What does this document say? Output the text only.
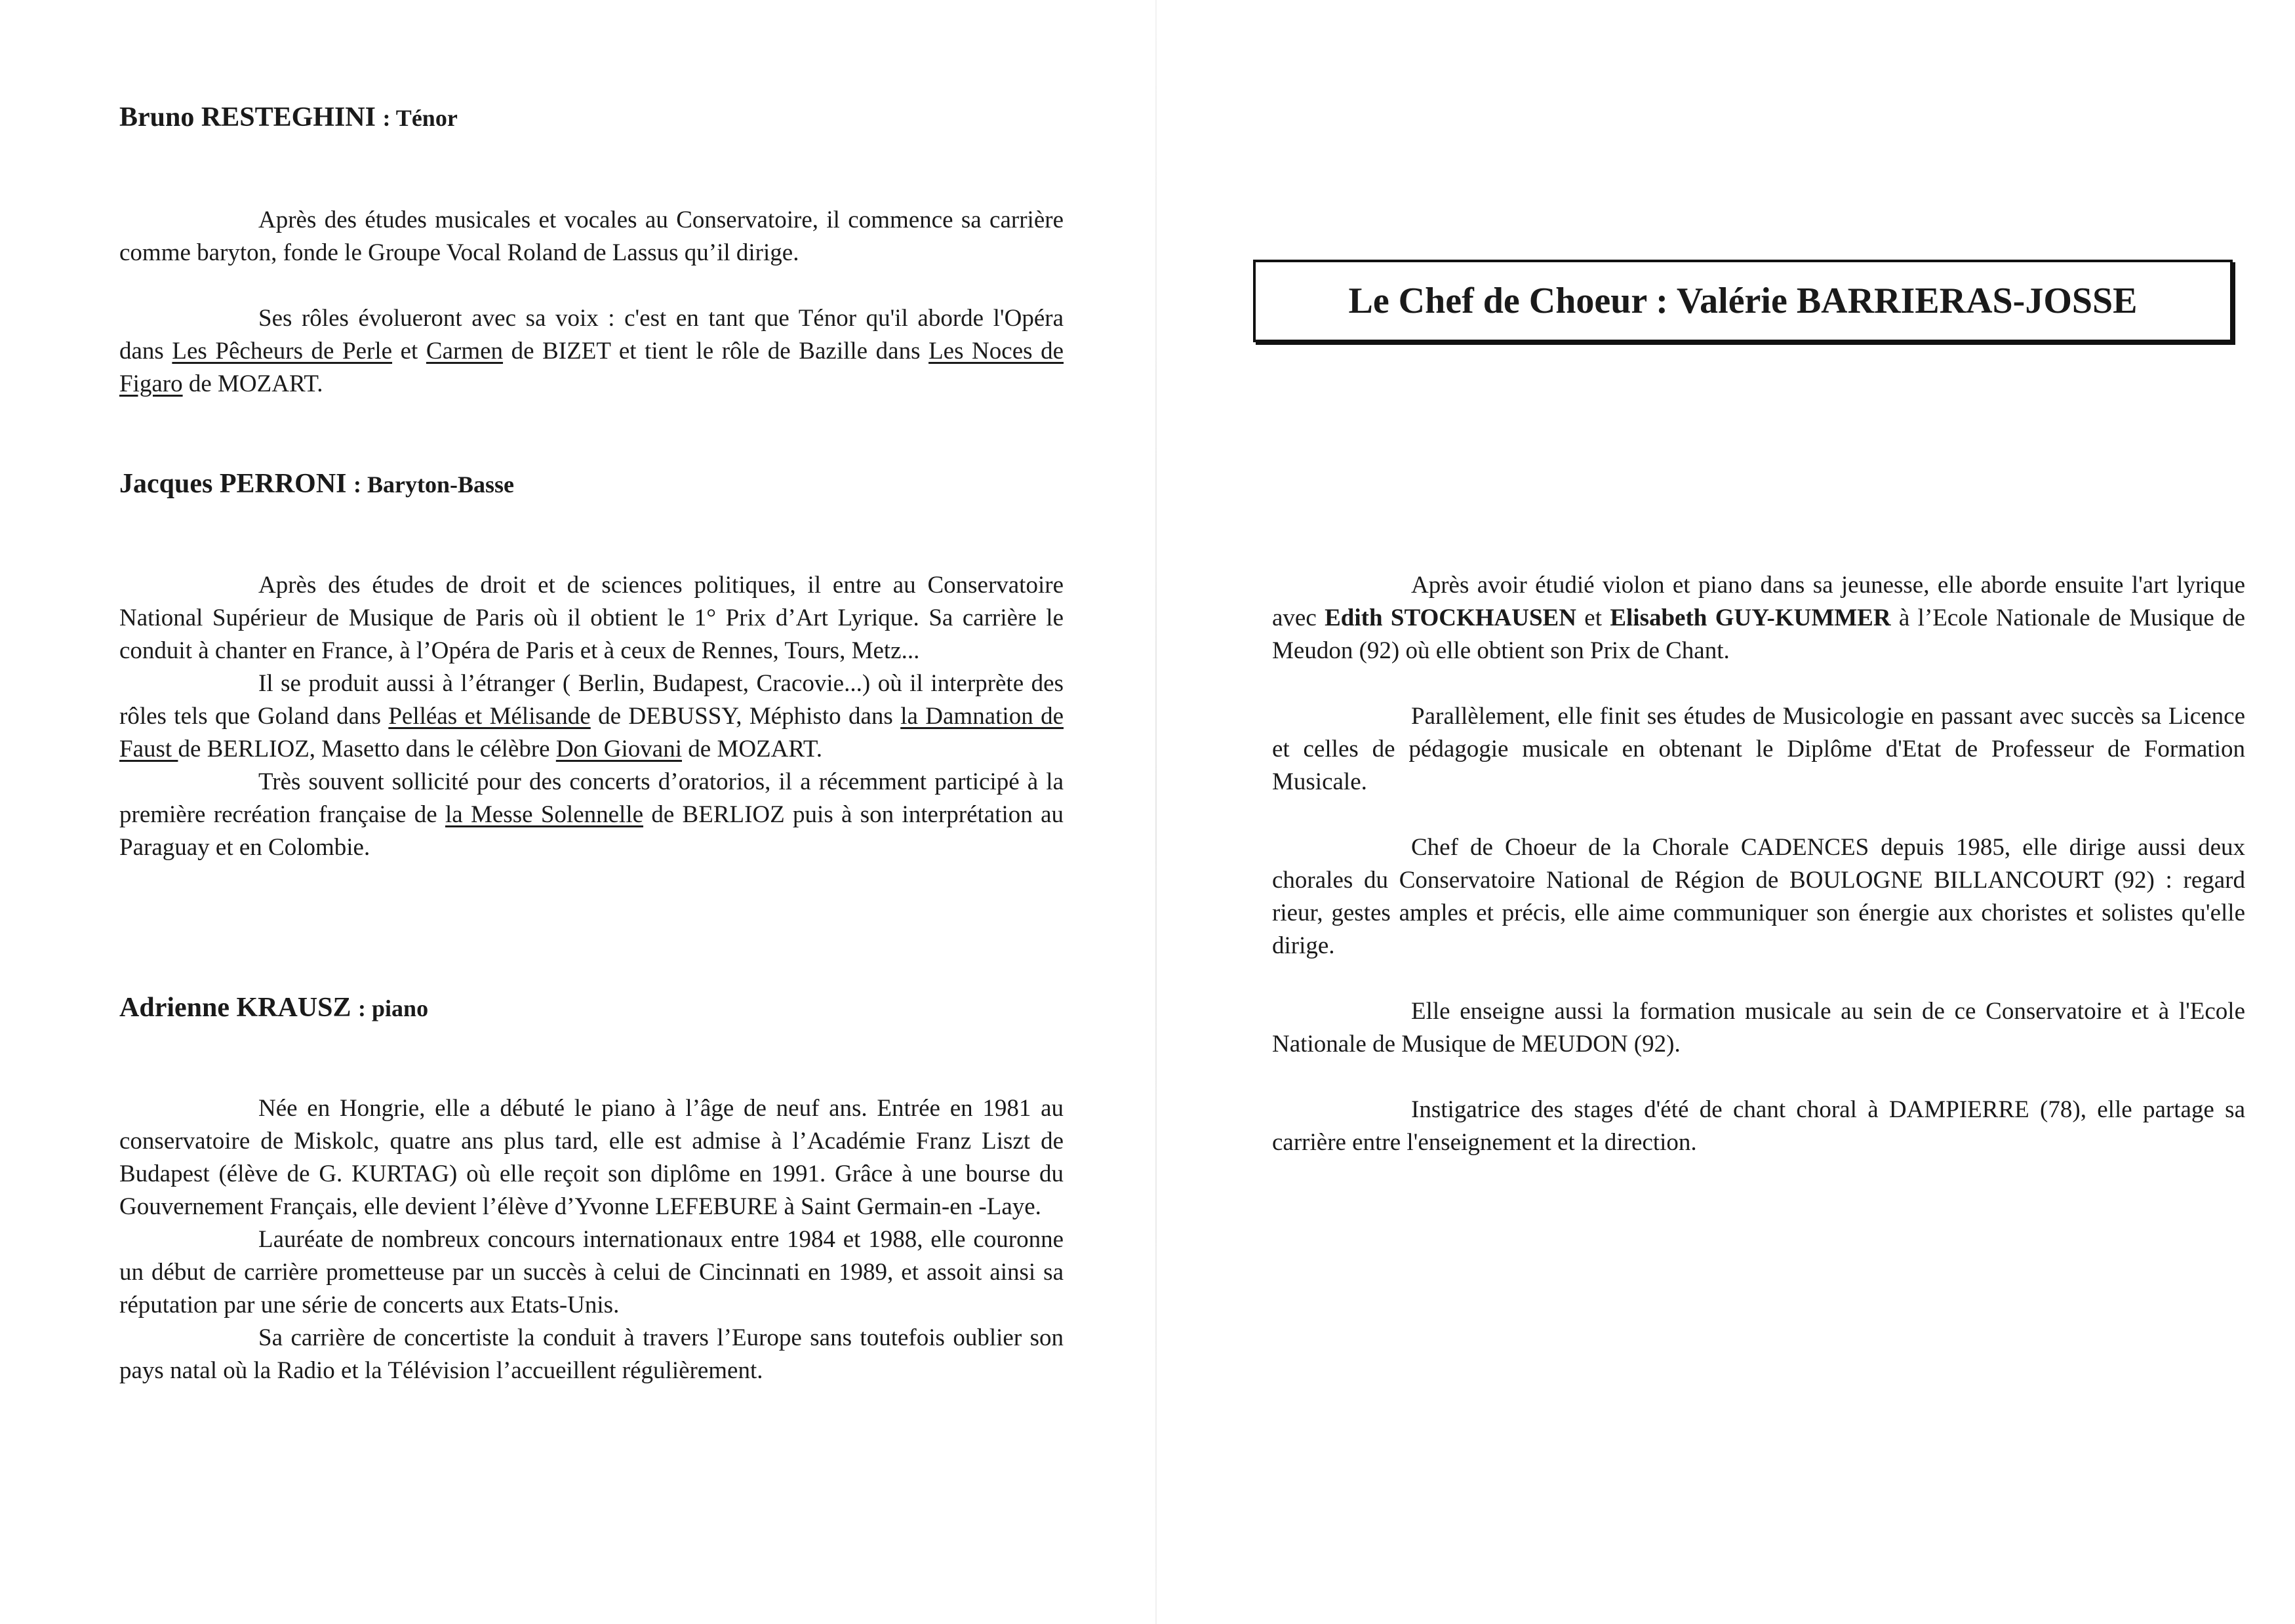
Bruno RESTEGHINI : Ténor

Après des études musicales et vocales au Conservatoire, il commence sa carrière comme baryton, fonde le Groupe Vocal Roland de Lassus qu’il dirige.

Ses rôles évolueront avec sa voix : c'est en tant que Ténor qu'il aborde l'Opéra dans Les Pêcheurs de Perle et Carmen de BIZET et tient le rôle de Bazille dans Les Noces de Figaro de MOZART.

Jacques PERRONI : Baryton-Basse

Après des études de droit et de sciences politiques, il entre au Conservatoire National Supérieur de Musique de Paris où il obtient le 1° Prix d’Art Lyrique. Sa carrière le conduit à chanter en France, à l’Opéra de Paris et à ceux de Rennes, Tours, Metz...

Il se produit aussi à l’étranger ( Berlin, Budapest, Cracovie...) où il interprète des rôles tels que Goland dans Pelléas et Mélisande de DEBUSSY, Méphisto dans la Damnation de Faust de BERLIOZ, Masetto dans le célèbre Don Giovani de MOZART.

Très souvent sollicité pour des concerts d’oratorios, il a récemment participé à la première recréation française de la Messe Solennelle de BERLIOZ puis à son interprétation au Paraguay et en Colombie.

Adrienne KRAUSZ : piano

Née en Hongrie, elle a débuté le piano à l’âge de neuf ans. Entrée en 1981 au conservatoire de Miskolc, quatre ans plus tard, elle est admise à l’Académie Franz Liszt de Budapest (élève de G. KURTAG) où elle reçoit son diplôme en 1991. Grâce à une bourse du Gouvernement Français, elle devient l’élève d’Yvonne LEFEBURE à Saint Germain-en -Laye.

Lauréate de nombreux concours internationaux entre 1984 et 1988, elle couronne un début de carrière prometteuse par un succès à celui de Cincinnati en 1989, et assoit ainsi sa réputation par une série de concerts aux Etats-Unis.

Sa carrière de concertiste la conduit à travers l’Europe sans toutefois oublier son pays natal où la Radio et la Télévision l’accueillent régulièrement.

Le Chef de Choeur : Valérie BARRIERAS-JOSSE

Après avoir étudié violon et piano dans sa jeunesse, elle aborde ensuite l'art lyrique avec Edith STOCKHAUSEN et Elisabeth GUY-KUMMER à l’Ecole Nationale de Musique de Meudon (92) où elle obtient son Prix de Chant.

Parallèlement, elle finit ses études de Musicologie en passant avec succès sa Licence et celles de pédagogie musicale en obtenant le Diplôme d'Etat de Professeur de Formation Musicale.

Chef de Choeur de la Chorale CADENCES depuis 1985, elle dirige aussi deux chorales du Conservatoire National de Région de BOULOGNE BILLANCOURT (92) : regard rieur, gestes amples et précis, elle aime communiquer son énergie aux choristes et solistes qu'elle dirige.

Elle enseigne aussi la formation musicale au sein de ce Conservatoire et à l'Ecole Nationale de Musique de MEUDON (92).

Instigatrice des stages d'été de chant choral à DAMPIERRE (78), elle partage sa carrière entre l'enseignement et la direction.
